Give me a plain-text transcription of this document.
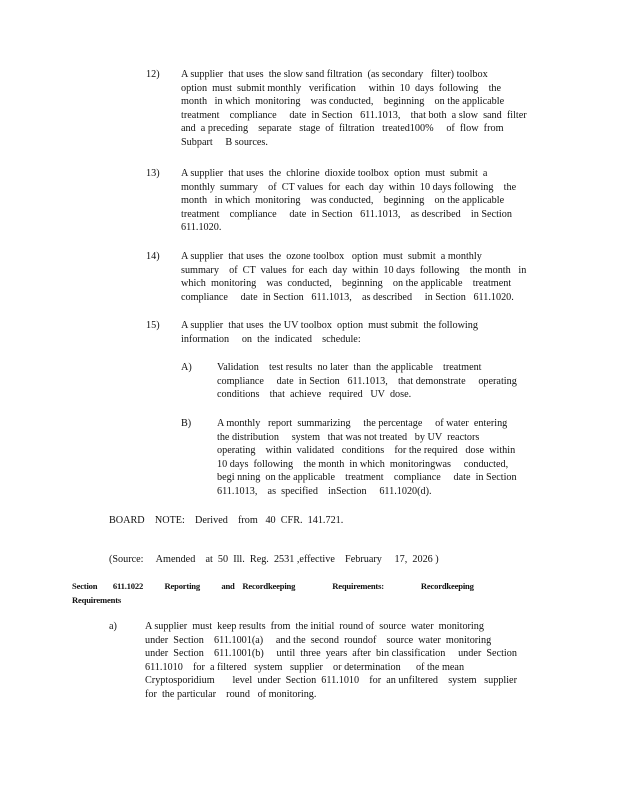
12) A supplier  that uses  the slow sand filtration  (as secondary   filter) toolbox
option  must  submit monthly   verification     within  10  days  following    the
month   in which  monitoring    was conducted,    beginning    on the applicable
treatment    compliance     date  in Section   611.1013,    that both  a slow  sand  filter
and  a preceding    separate   stage  of  filtration   treated100%     of  flow  from
Subpart     B sources.
13) A supplier  that uses  the  chlorine  dioxide toolbox  option  must  submit  a
monthly  summary    of  CT values  for  each  day  within  10 days following    the
month   in which  monitoring    was conducted,    beginning    on the applicable
treatment    compliance     date  in Section   611.1013,    as described    in Section
611.1020.
14) A supplier  that uses  the  ozone toolbox   option  must  submit  a monthly
summary    of  CT  values  for  each  day  within  10 days  following    the month   in
which  monitoring    was  conducted,    beginning    on the applicable    treatment
compliance     date  in Section   611.1013,    as described     in Section   611.1020.
15) A supplier  that uses  the UV toolbox  option  must submit  the following
information     on  the  indicated    schedule:
A) Validation    test results  no later  than  the applicable    treatment
compliance     date  in Section   611.1013,    that demonstrate     operating
conditions    that  achieve   required   UV  dose.
B)	A monthly   report  summarizing     the percentage     of water  entering
the distribution     system   that was not treated   by UV  reactors
operating    within  validated   conditions    for the required   dose  within
10 days  following    the month  in which  monitoringwas     conducted,
begi nning  on the applicable    treatment    compliance     date  in Section
611.1013,    as  specified    inSection     611.1020(d).
BOARD    NOTE:    Derived    from   40  CFR.  141.721.
(Source:     Amended    at  50  Ill.  Reg.  2531 ,effective    February     17,  2026 )
Section        611.1022           Reporting           and    Recordkeeping                   Requirements:                   Recordkeeping
Requirements
a)	A supplier  must  keep results  from  the initial  round of  source  water  monitoring
under  Section    611.1001(a)     and the  second  roundof    source  water  monitoring
under  Section    611.1001(b)     until  three  years  after  bin classification     under  Section
611.1010    for  a filtered   system   supplier    or determination      of the mean
Cryptosporidium       level  under  Section  611.1010    for  an unfiltered    system   supplier
for  the particular    round   of monitoring.
